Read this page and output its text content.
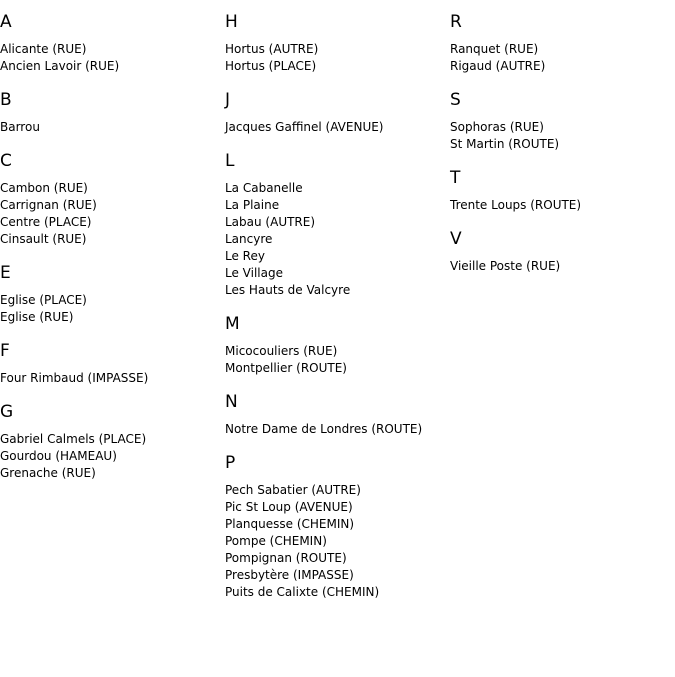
A
Alicante (RUE)
Ancien Lavoir (RUE)
B
Barrou
C
Cambon (RUE)
Carrignan (RUE)
Centre (PLACE)
Cinsault (RUE)
E
Eglise (PLACE)
Eglise (RUE)
F
Four Rimbaud (IMPASSE)
G
Gabriel Calmels (PLACE)
Gourdou (HAMEAU)
Grenache (RUE)
H
Hortus (AUTRE)
Hortus (PLACE)
J
Jacques Gaffinel (AVENUE)
L
La Cabanelle
La Plaine
Labau (AUTRE)
Lancyre
Le Rey
Le Village
Les Hauts de Valcyre
M
Micocouliers (RUE)
Montpellier (ROUTE)
N
Notre Dame de Londres (ROUTE)
P
Pech Sabatier (AUTRE)
Pic St Loup (AVENUE)
Planquesse (CHEMIN)
Pompe (CHEMIN)
Pompignan (ROUTE)
Presbytère (IMPASSE)
Puits de Calixte (CHEMIN)
R
Ranquet (RUE)
Rigaud (AUTRE)
S
Sophoras (RUE)
St Martin (ROUTE)
T
Trente Loups (ROUTE)
V
Vieille Poste (RUE)
